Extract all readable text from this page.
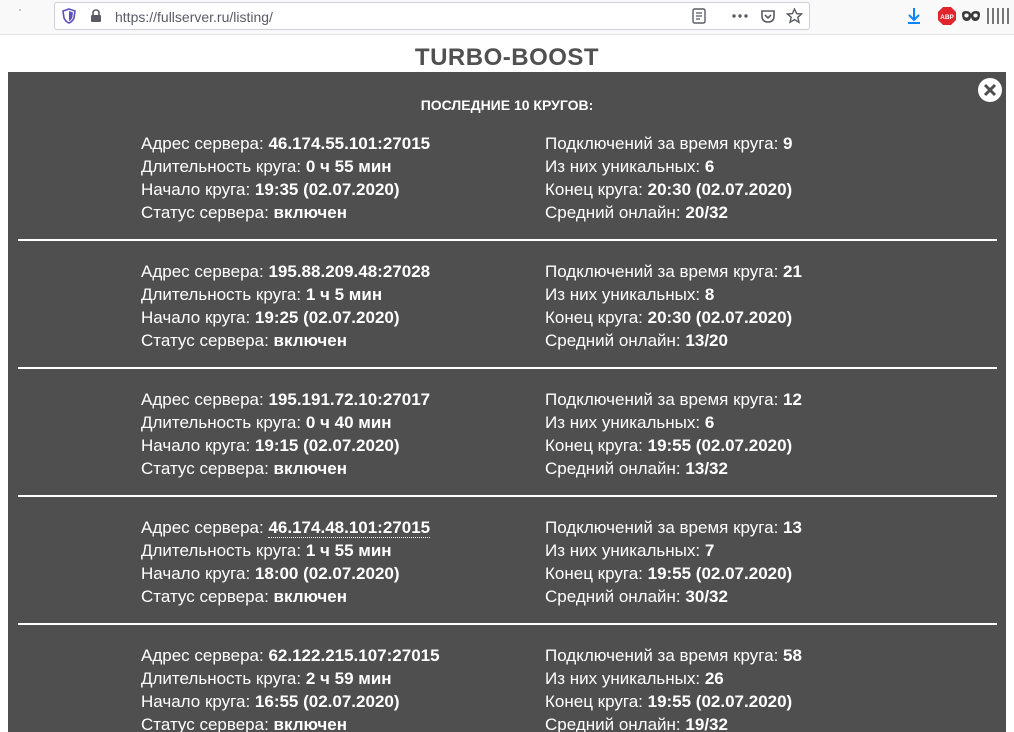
https://fullserver.ru/listing/	ABP
TURBO-BOOST
ПОСЛЕДНИЕ 10 КРУГОВ:
Адрес сервера: 46.174.55.101:27015
Длительность круга: 0 ч 55 мин
Начало круга: 19:35 (02.07.2020)
Статус сервера: включен
Подключений за время круга: 9
Из них уникальных: 6
Конец круга: 20:30 (02.07.2020)
Средний онлайн: 20/32
Адрес сервера: 195.88.209.48:27028
Длительность круга: 1 ч 5 мин
Начало круга: 19:25 (02.07.2020)
Статус сервера: включен
Подключений за время круга: 21
Из них уникальных: 8
Конец круга: 20:30 (02.07.2020)
Средний онлайн: 13/20
Адрес сервера: 195.191.72.10:27017
Длительность круга: 0 ч 40 мин
Начало круга: 19:15 (02.07.2020)
Статус сервера: включен
Подключений за время круга: 12
Из них уникальных: 6
Конец круга: 19:55 (02.07.2020)
Средний онлайн: 13/32
Адрес сервера: 46.174.48.101:27015
Длительность круга: 1 ч 55 мин
Начало круга: 18:00 (02.07.2020)
Статус сервера: включен
Подключений за время круга: 13
Из них уникальных: 7
Конец круга: 19:55 (02.07.2020)
Средний онлайн: 30/32
Адрес сервера: 62.122.215.107:27015
Длительность круга: 2 ч 59 мин
Начало круга: 16:55 (02.07.2020)
Статус сервера: включен
Подключений за время круга: 58
Из них уникальных: 26
Конец круга: 19:55 (02.07.2020)
Средний онлайн: 19/32
